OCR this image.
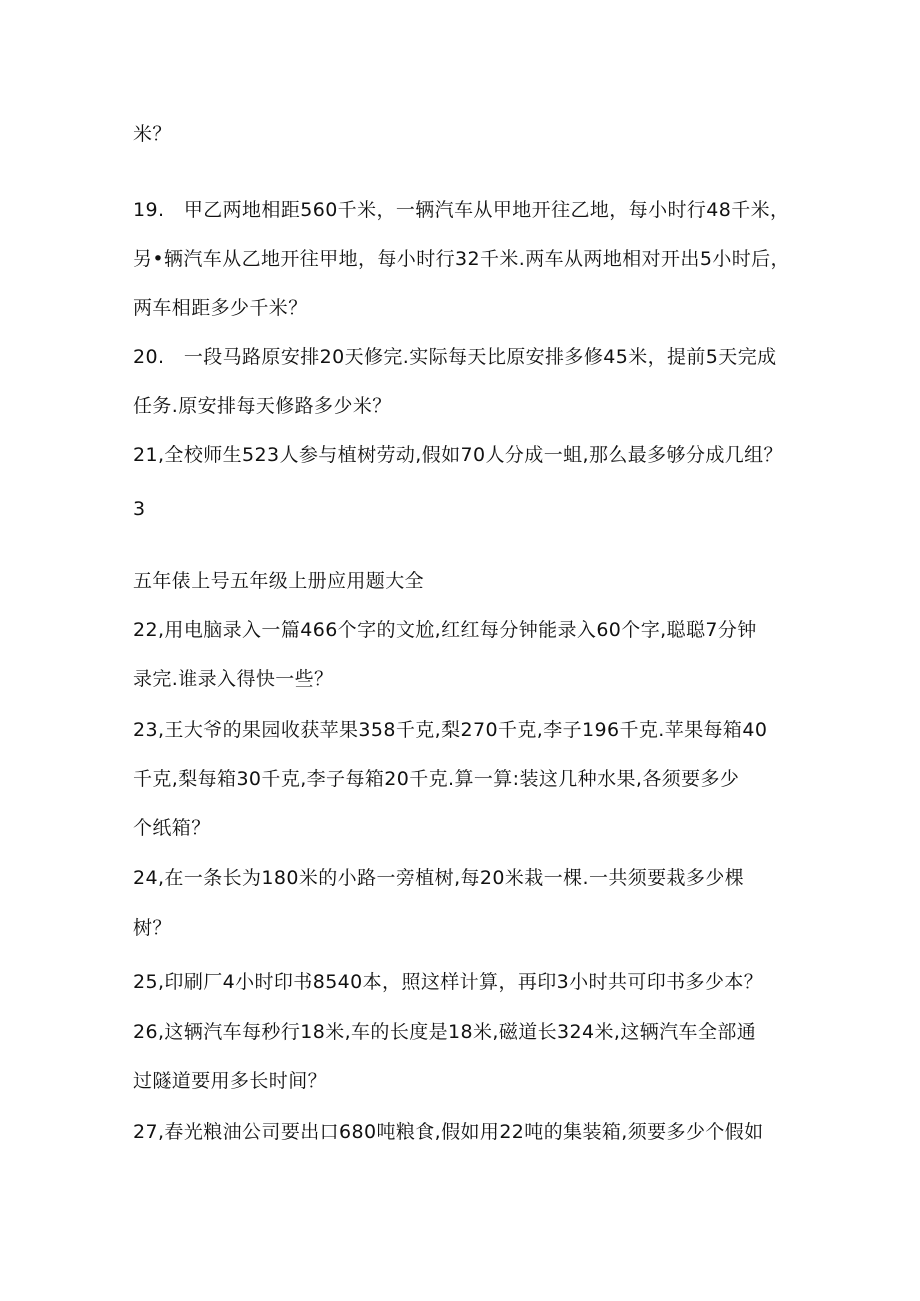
米？
19.　甲乙两地相距560千米，一辆汽车从甲地开往乙地，每小时行48千米，
另•辆汽车从乙地开往甲地，每小时行32千米.两车从两地相对开出5小时后，
两车相距多少千米？
20.　一段马路原安排20天修完.实际每天比原安排多修45米，提前5天完成
任务.原安排每天修路多少米？
21,全校师生523人参与植树劳动,假如70人分成一蛆,那么最多够分成几组？
3
五年俵上号五年级上册应用题大全
22,用电脑录入一篇466个字的文尬,红红每分钟能录入60个字,聪聪7分钟
录完.谁录入得快一些？
23,王大爷的果园收获苹果358千克,梨270千克,李子196千克.苹果每箱40
千克,梨每箱30千克,李子每箱20千克.算一算:装这几种水果,各须要多少
个纸箱？
24,在一条长为180米的小路一旁植树,每20米栽一棵.一共须要栽多少棵
树？
25,印刷厂4小时印书8540本，照这样计算，再印3小时共可印书多少本？
26,这辆汽车每秒行18米,车的长度是18米,磁道长324米,这辆汽车全部通
过隧道要用多长时间？
27,春光粮油公司要出口680吨粮食,假如用22吨的集装箱,须要多少个假如
